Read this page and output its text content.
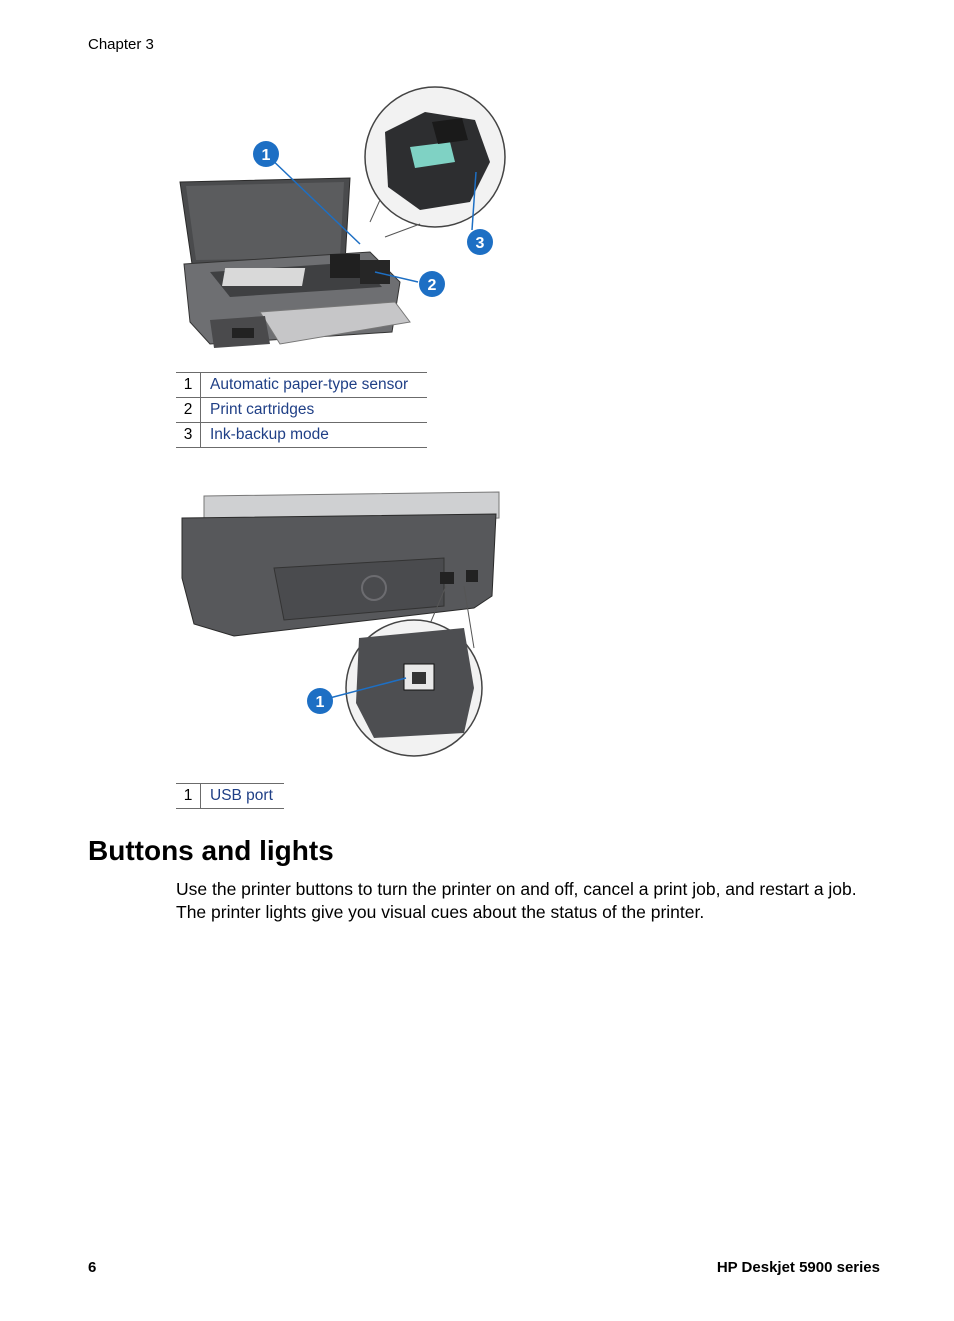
Chapter 3
1
2
3
1	Automatic paper-type sensor
2	Print cartridges
3	Ink-backup mode
1
1	USB port
Buttons and lights
Use the printer buttons to turn the printer on and off, cancel a print job, and restart a job. The printer lights give you visual cues about the status of the printer.
6	HP Deskjet 5900 series
